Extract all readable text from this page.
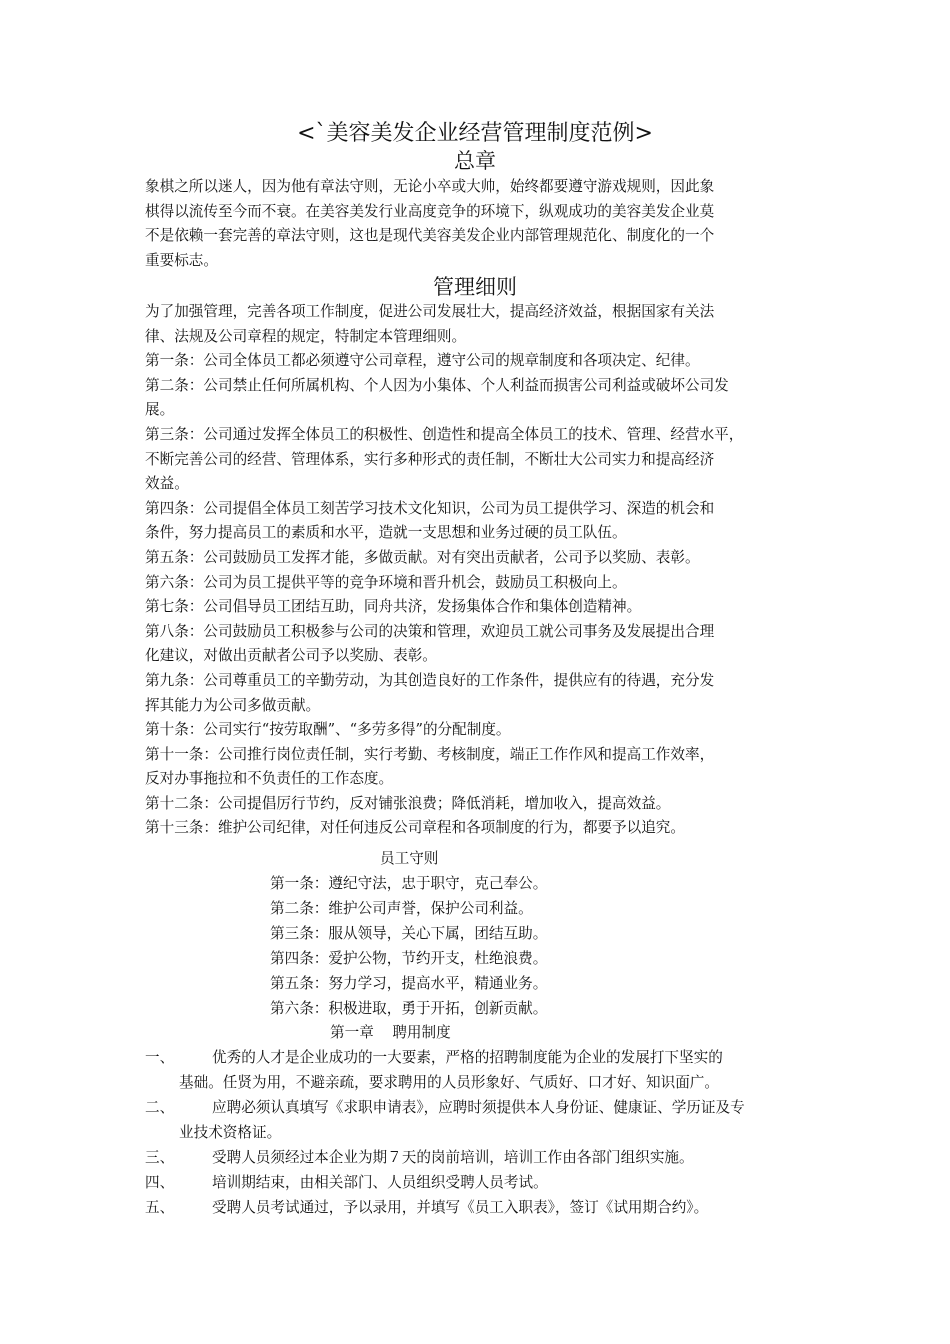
<`美容美发企业经营管理制度范例>
总章
象棋之所以迷人，因为他有章法守则，无论小卒或大帅，始终都要遵守游戏规则，因此象
棋得以流传至今而不衰。在美容美发行业高度竞争的环境下，纵观成功的美容美发企业莫
不是依赖一套完善的章法守则，这也是现代美容美发企业内部管理规范化、制度化的一个
重要标志。
管理细则
为了加强管理，完善各项工作制度，促进公司发展壮大，提高经济效益，根据国家有关法
律、法规及公司章程的规定，特制定本管理细则。
第一条：公司全体员工都必须遵守公司章程，遵守公司的规章制度和各项决定、纪律。
第二条：公司禁止任何所属机构、个人因为小集体、个人利益而损害公司利益或破坏公司发
展。
第三条：公司通过发挥全体员工的积极性、创造性和提高全体员工的技术、管理、经营水平，
不断完善公司的经营、管理体系，实行多种形式的责任制，不断壮大公司实力和提高经济
效益。
第四条：公司提倡全体员工刻苦学习技术文化知识，公司为员工提供学习、深造的机会和
条件，努力提高员工的素质和水平，造就一支思想和业务过硬的员工队伍。
第五条：公司鼓励员工发挥才能，多做贡献。对有突出贡献者，公司予以奖励、表彰。
第六条：公司为员工提供平等的竞争环境和晋升机会，鼓励员工积极向上。
第七条：公司倡导员工团结互助，同舟共济，发扬集体合作和集体创造精神。
第八条：公司鼓励员工积极参与公司的决策和管理，欢迎员工就公司事务及发展提出合理
化建议，对做出贡献者公司予以奖励、表彰。
第九条：公司尊重员工的辛勤劳动，为其创造良好的工作条件，提供应有的待遇，充分发
挥其能力为公司多做贡献。
第十条：公司实行“按劳取酬”、“多劳多得”的分配制度。
第十一条：公司推行岗位责任制，实行考勤、考核制度，端正工作作风和提高工作效率，
反对办事拖拉和不负责任的工作态度。
第十二条：公司提倡厉行节约，反对铺张浪费；降低消耗，增加收入，提高效益。
第十三条：维护公司纪律，对任何违反公司章程和各项制度的行为，都要予以追究。
员工守则
第一条：遵纪守法，忠于职守，克己奉公。
第二条：维护公司声誉，保护公司利益。
第三条：服从领导，关心下属，团结互助。
第四条：爱护公物，节约开支，杜绝浪费。
第五条：努力学习，提高水平，精通业务。
第六条：积极进取，勇于开拓，创新贡献。
第一章    聘用制度
一、	优秀的人才是企业成功的一大要素，严格的招聘制度能为企业的发展打下坚实的
基础。任贤为用，不避亲疏，要求聘用的人员形象好、气质好、口才好、知识面广。
二、	应聘必须认真填写《求职申请表》，应聘时须提供本人身份证、健康证、学历证及专
业技术资格证。
三、	受聘人员须经过本企业为期７天的岗前培训，培训工作由各部门组织实施。
四、	培训期结束，由相关部门、人员组织受聘人员考试。
五、	受聘人员考试通过，予以录用，并填写《员工入职表》，签订《试用期合约》。
